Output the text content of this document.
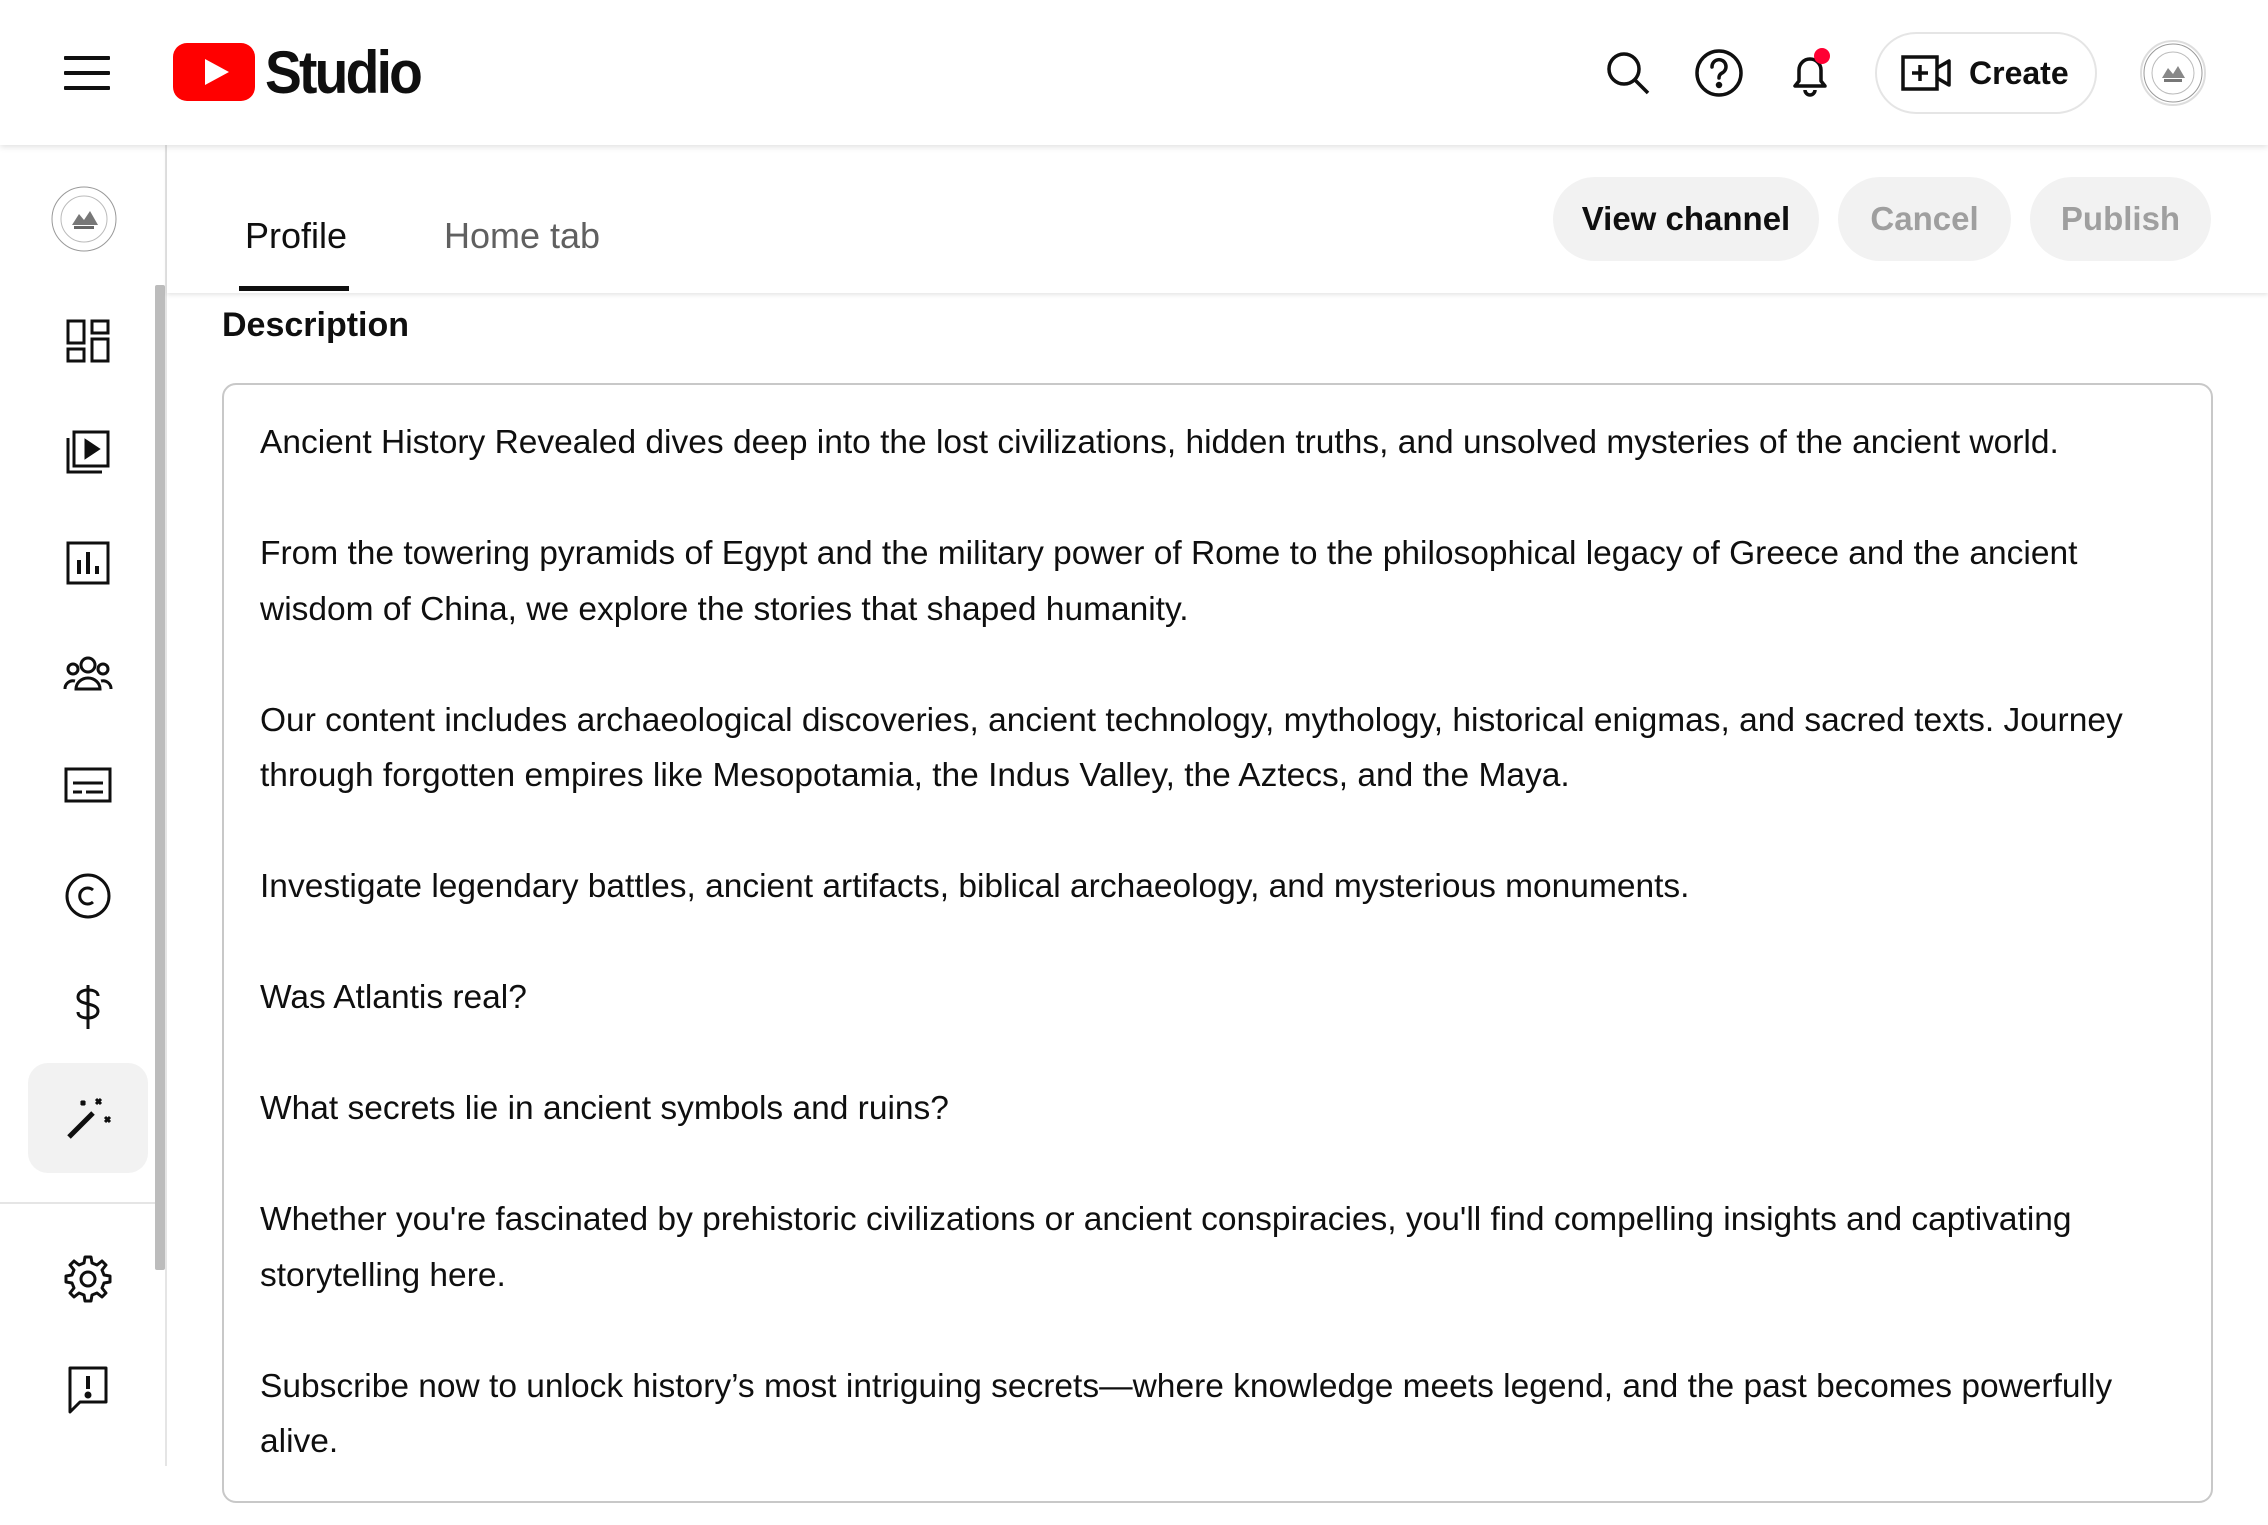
Studio	Create
Profile	Home tab	View channel	Cancel	Publish
Description

Ancient History Revealed dives deep into the lost civilizations, hidden truths, and unsolved mysteries of the ancient world.

From the towering pyramids of Egypt and the military power of Rome to the philosophical legacy of Greece and the ancient wisdom of China, we explore the stories that shaped humanity.

Our content includes archaeological discoveries, ancient technology, mythology, historical enigmas, and sacred texts. Journey through forgotten empires like Mesopotamia, the Indus Valley, the Aztecs, and the Maya.

Investigate legendary battles, ancient artifacts, biblical archaeology, and mysterious monuments.

Was Atlantis real?

What secrets lie in ancient symbols and ruins?

Whether you're fascinated by prehistoric civilizations or ancient conspiracies, you'll find compelling insights and captivating storytelling here.

Subscribe now to unlock history’s most intriguing secrets—where knowledge meets legend, and the past becomes powerfully alive.
